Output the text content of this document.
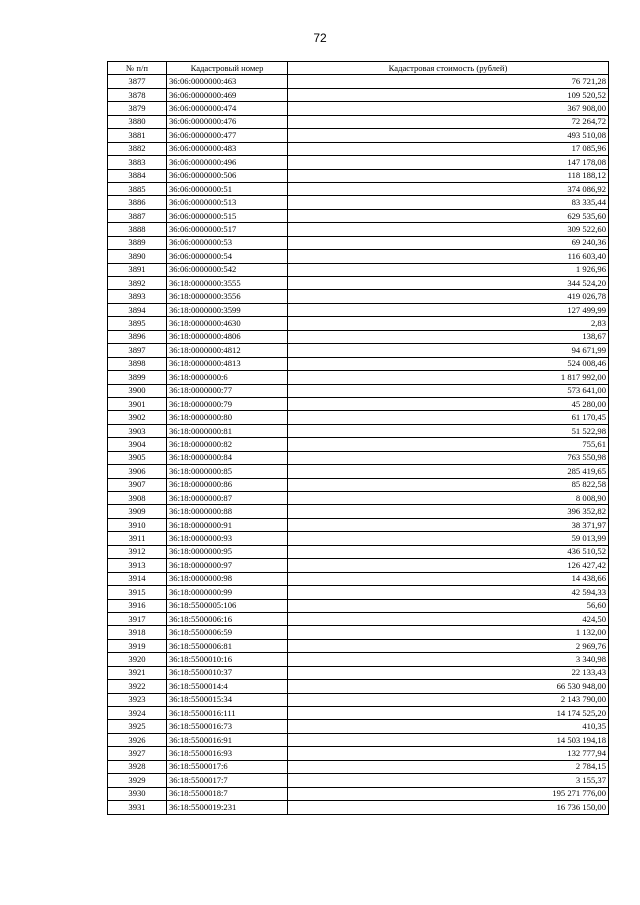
72
№ п/п	Кадастровый номер	Кадастровая стоимость (рублей)
3877	36:06:0000000:463	76 721,28
3878	36:06:0000000:469	109 520,52
3879	36:06:0000000:474	367 908,00
3880	36:06:0000000:476	72 264,72
3881	36:06:0000000:477	493 510,08
3882	36:06:0000000:483	17 085,96
3883	36:06:0000000:496	147 178,08
3884	36:06:0000000:506	118 188,12
3885	36:06:0000000:51	374 086,92
3886	36:06:0000000:513	83 335,44
3887	36:06:0000000:515	629 535,60
3888	36:06:0000000:517	309 522,60
3889	36:06:0000000:53	69 240,36
3890	36:06:0000000:54	116 603,40
3891	36:06:0000000:542	1 926,96
3892	36:18:0000000:3555	344 524,20
3893	36:18:0000000:3556	419 026,78
3894	36:18:0000000:3599	127 499,99
3895	36:18:0000000:4630	2,83
3896	36:18:0000000:4806	138,67
3897	36:18:0000000:4812	94 671,99
3898	36:18:0000000:4813	524 008,46
3899	36:18:0000000:6	1 817 992,00
3900	36:18:0000000:77	573 641,00
3901	36:18:0000000:79	45 280,00
3902	36:18:0000000:80	61 170,45
3903	36:18:0000000:81	51 522,98
3904	36:18:0000000:82	755,61
3905	36:18:0000000:84	763 550,98
3906	36:18:0000000:85	285 419,65
3907	36:18:0000000:86	85 822,58
3908	36:18:0000000:87	8 008,90
3909	36:18:0000000:88	396 352,82
3910	36:18:0000000:91	38 371,97
3911	36:18:0000000:93	59 013,99
3912	36:18:0000000:95	436 510,52
3913	36:18:0000000:97	126 427,42
3914	36:18:0000000:98	14 438,66
3915	36:18:0000000:99	42 594,33
3916	36:18:5500005:106	56,60
3917	36:18:5500006:16	424,50
3918	36:18:5500006:59	1 132,00
3919	36:18:5500006:81	2 969,76
3920	36:18:5500010:16	3 340,98
3921	36:18:5500010:37	22 133,43
3922	36:18:5500014:4	66 530 948,00
3923	36:18:5500015:34	2 143 790,00
3924	36:18:5500016:111	14 174 525,20
3925	36:18:5500016:73	410,35
3926	36:18:5500016:91	14 503 194,18
3927	36:18:5500016:93	132 777,94
3928	36:18:5500017:6	2 784,15
3929	36:18:5500017:7	3 155,37
3930	36:18:5500018:7	195 271 776,00
3931	36:18:5500019:231	16 736 150,00
